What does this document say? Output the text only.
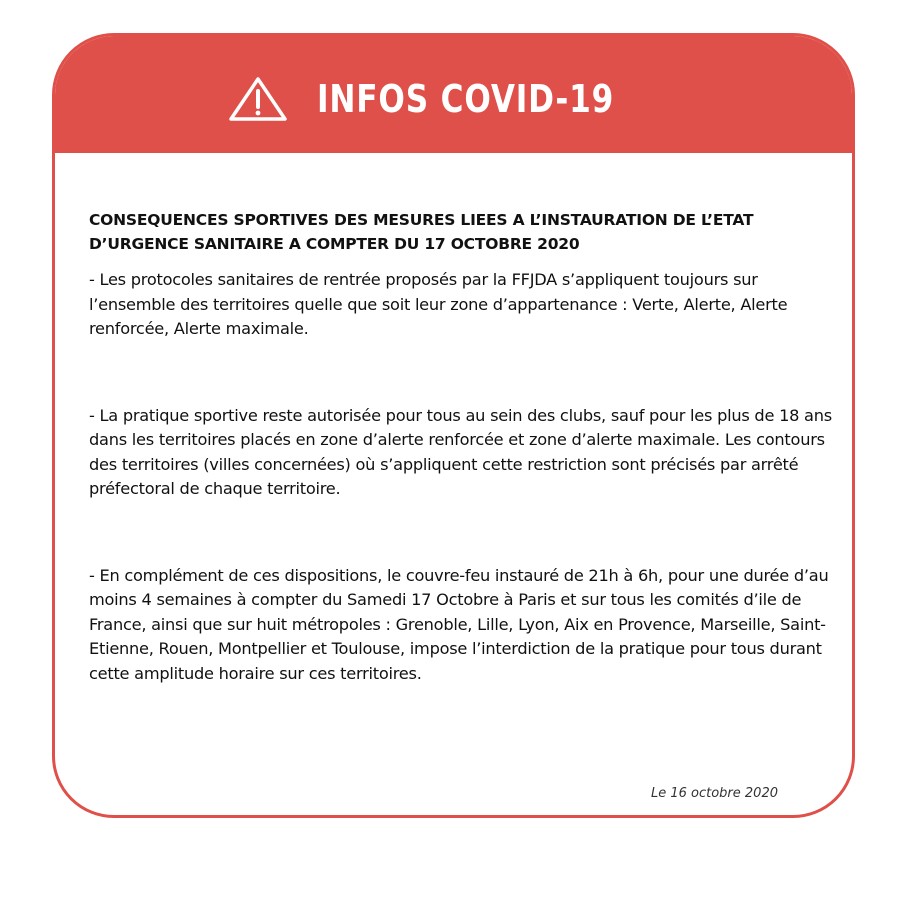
INFOS COVID-19

CONSEQUENCES SPORTIVES DES MESURES LIEES A L’INSTAURATION DE L’ETAT D’URGENCE SANITAIRE A COMPTER DU 17 OCTOBRE 2020

- Les protocoles sanitaires de rentrée proposés par la FFJDA s’appliquent toujours sur l’ensemble des territoires quelle que soit leur zone d’appartenance : Verte, Alerte, Alerte renforcée, Alerte maximale.

- La pratique sportive reste autorisée pour tous au sein des clubs, sauf pour les plus de 18 ans dans les territoires placés en zone d’alerte renforcée et zone d’alerte maximale. Les contours des territoires (villes concernées) où s’appliquent cette restriction sont précisés par arrêté préfectoral de chaque territoire.

- En complément de ces dispositions, le couvre-feu instauré de 21h à 6h, pour une durée d’au moins 4 semaines à compter du Samedi 17 Octobre à Paris et sur tous les comités d’ile de France, ainsi que sur huit métropoles : Grenoble, Lille, Lyon, Aix en Provence, Marseille, Saint-Etienne, Rouen, Montpellier et Toulouse, impose l’interdiction de la pratique pour tous durant cette amplitude horaire sur ces territoires.

Le 16 octobre 2020
